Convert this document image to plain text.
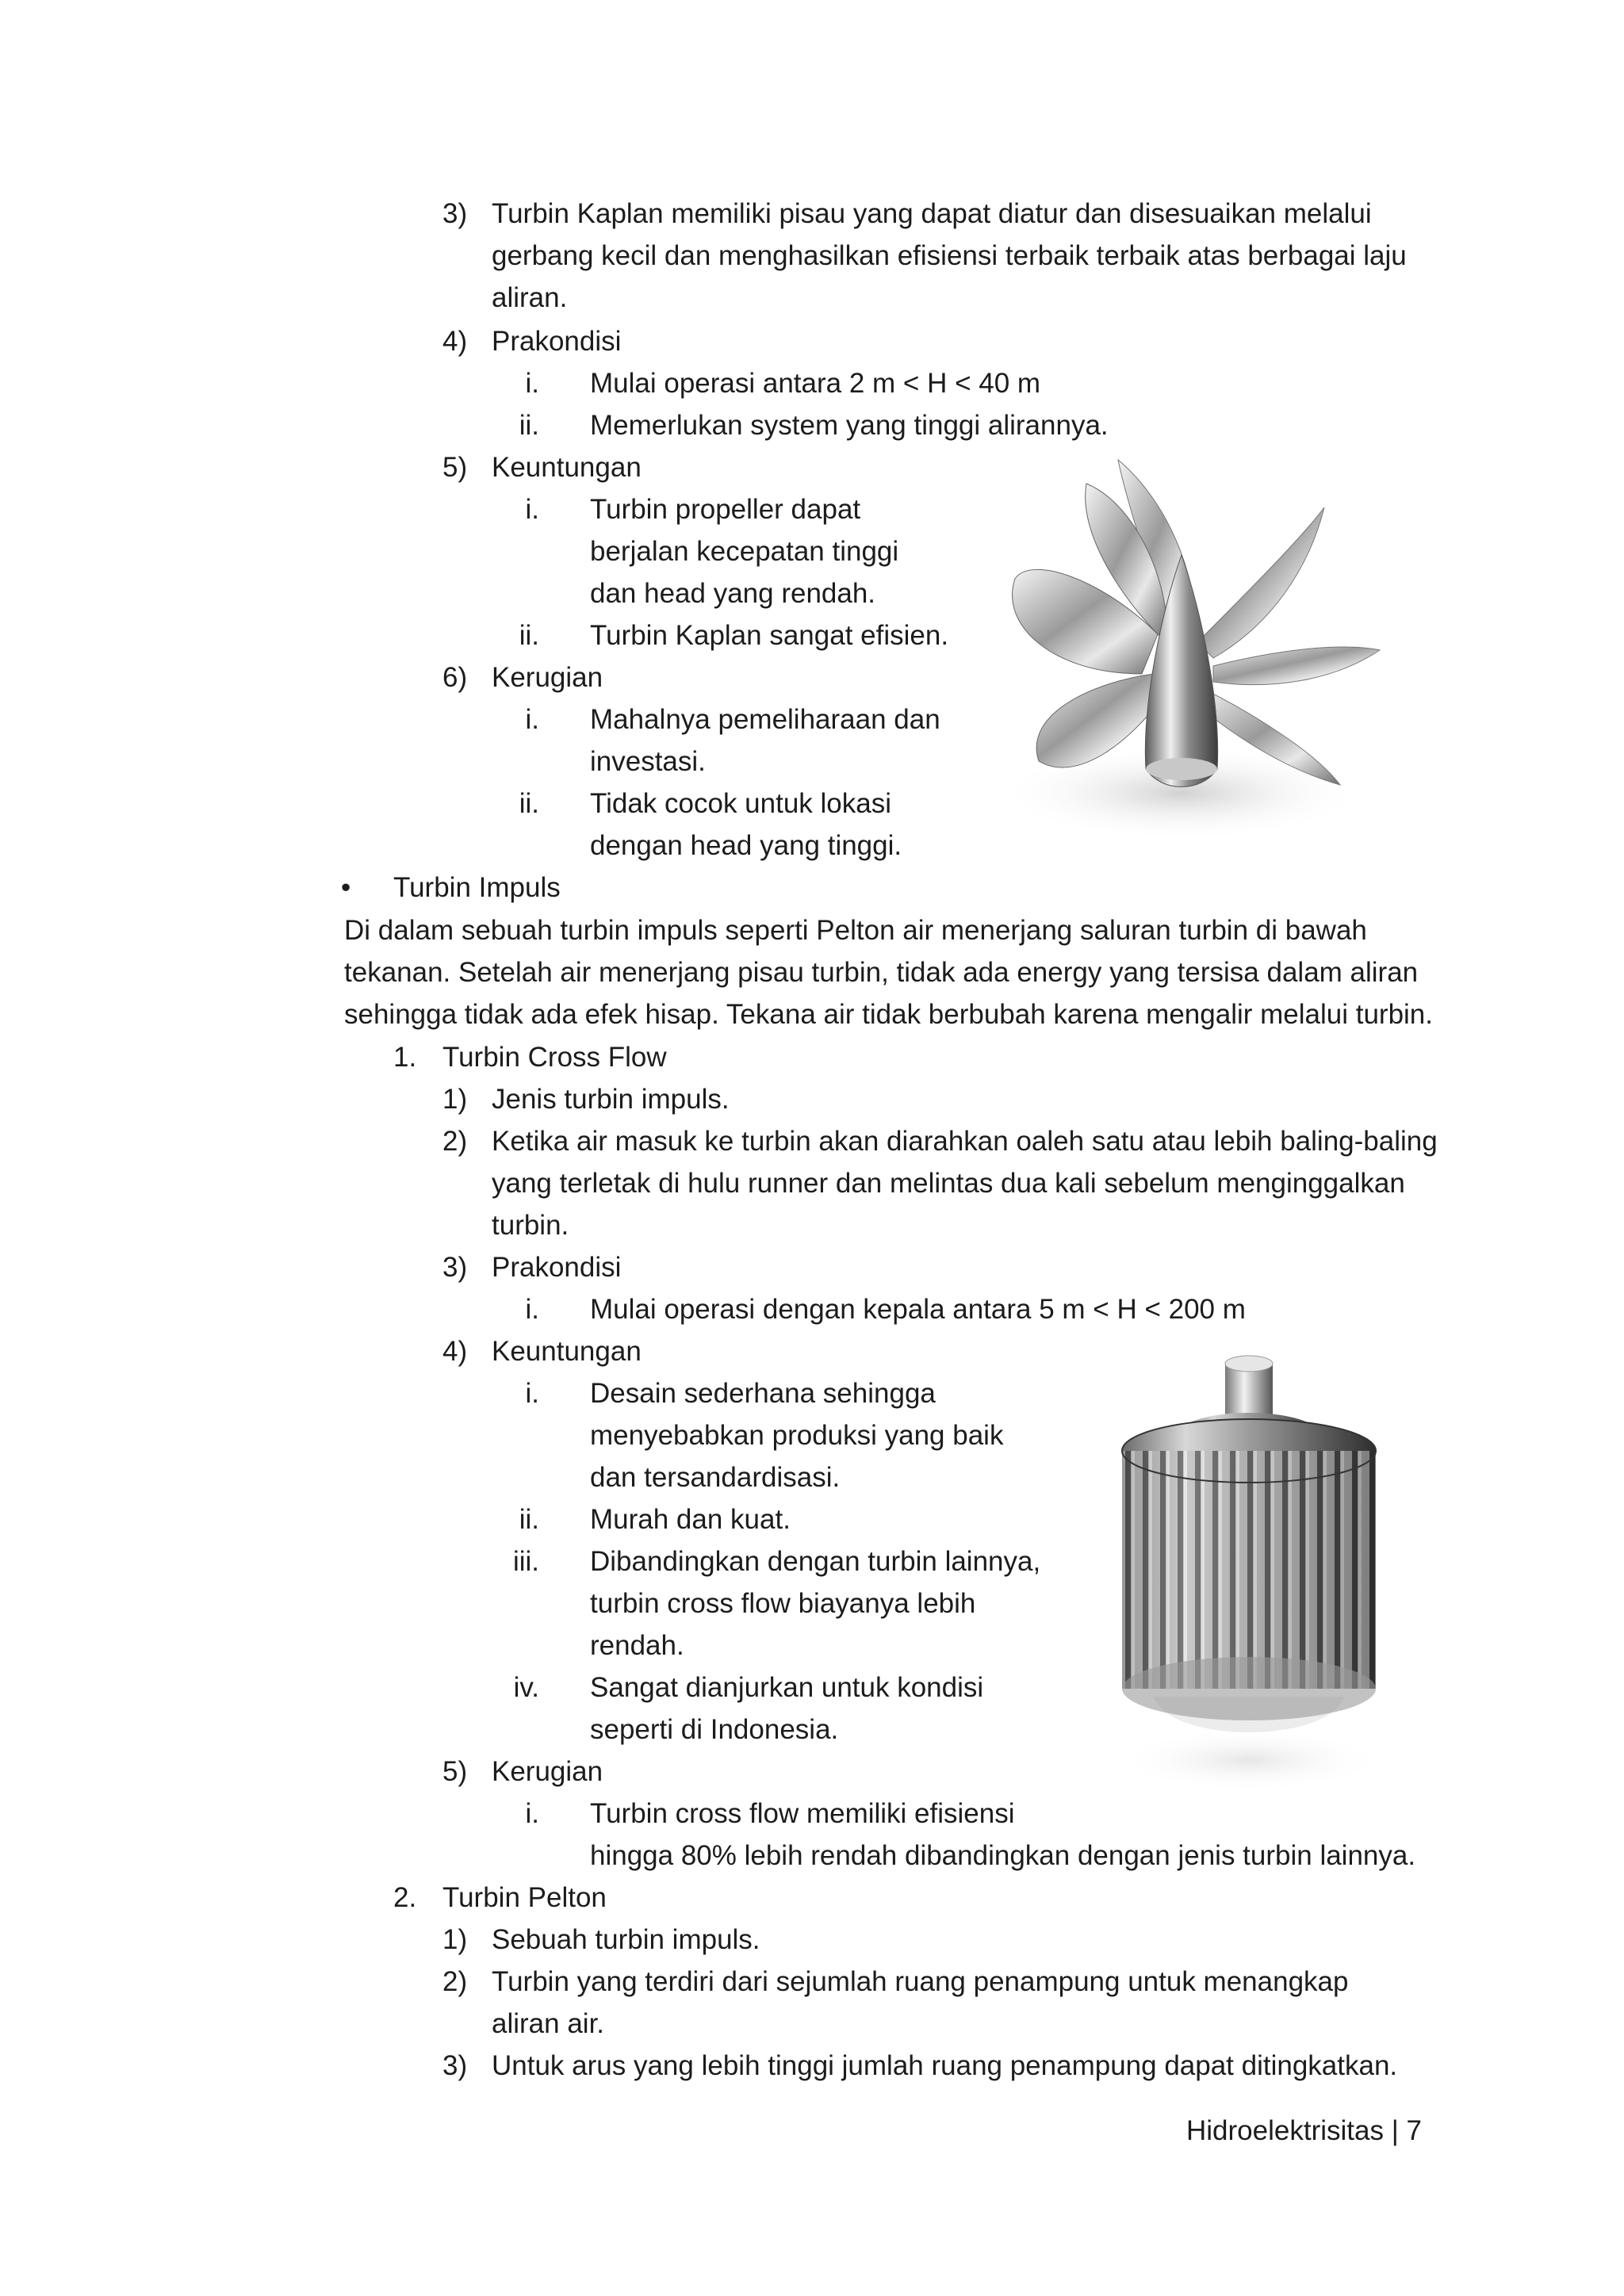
3) Turbin Kaplan memiliki pisau yang dapat diatur dan disesuaikan melalui
gerbang kecil dan menghasilkan efisiensi terbaik terbaik atas berbagai laju
aliran.
4) Prakondisi
i. Mulai operasi antara 2 m < H < 40 m
ii. Memerlukan system yang tinggi alirannya.
5) Keuntungan
i. Turbin propeller dapat
berjalan kecepatan tinggi
dan head yang rendah.
ii. Turbin Kaplan sangat efisien.
6) Kerugian
i. Mahalnya pemeliharaan dan
investasi.
ii. Tidak cocok untuk lokasi
dengan head yang tinggi.
• Turbin Impuls
Di dalam sebuah turbin impuls seperti Pelton air menerjang saluran turbin di bawah
tekanan. Setelah air menerjang pisau turbin, tidak ada energy yang tersisa dalam aliran
sehingga tidak ada efek hisap. Tekana air tidak berbubah karena mengalir melalui turbin.
1. Turbin Cross Flow
1) Jenis turbin impuls.
2) Ketika air masuk ke turbin akan diarahkan oaleh satu atau lebih baling-baling
yang terletak di hulu runner dan melintas dua kali sebelum menginggalkan
turbin.
3) Prakondisi
i. Mulai operasi dengan kepala antara 5 m < H < 200 m
4) Keuntungan
i. Desain sederhana sehingga
menyebabkan produksi yang baik
dan tersandardisasi.
ii. Murah dan kuat.
iii. Dibandingkan dengan turbin lainnya,
turbin cross flow biayanya lebih
rendah.
iv. Sangat dianjurkan untuk kondisi
seperti di Indonesia.
5) Kerugian
i. Turbin cross flow memiliki efisiensi
hingga 80% lebih rendah dibandingkan dengan jenis turbin lainnya.
2. Turbin Pelton
1) Sebuah turbin impuls.
2) Turbin yang terdiri dari sejumlah ruang penampung untuk menangkap
aliran air.
3) Untuk arus yang lebih tinggi jumlah ruang penampung dapat ditingkatkan.
Hidroelektrisitas | 7
